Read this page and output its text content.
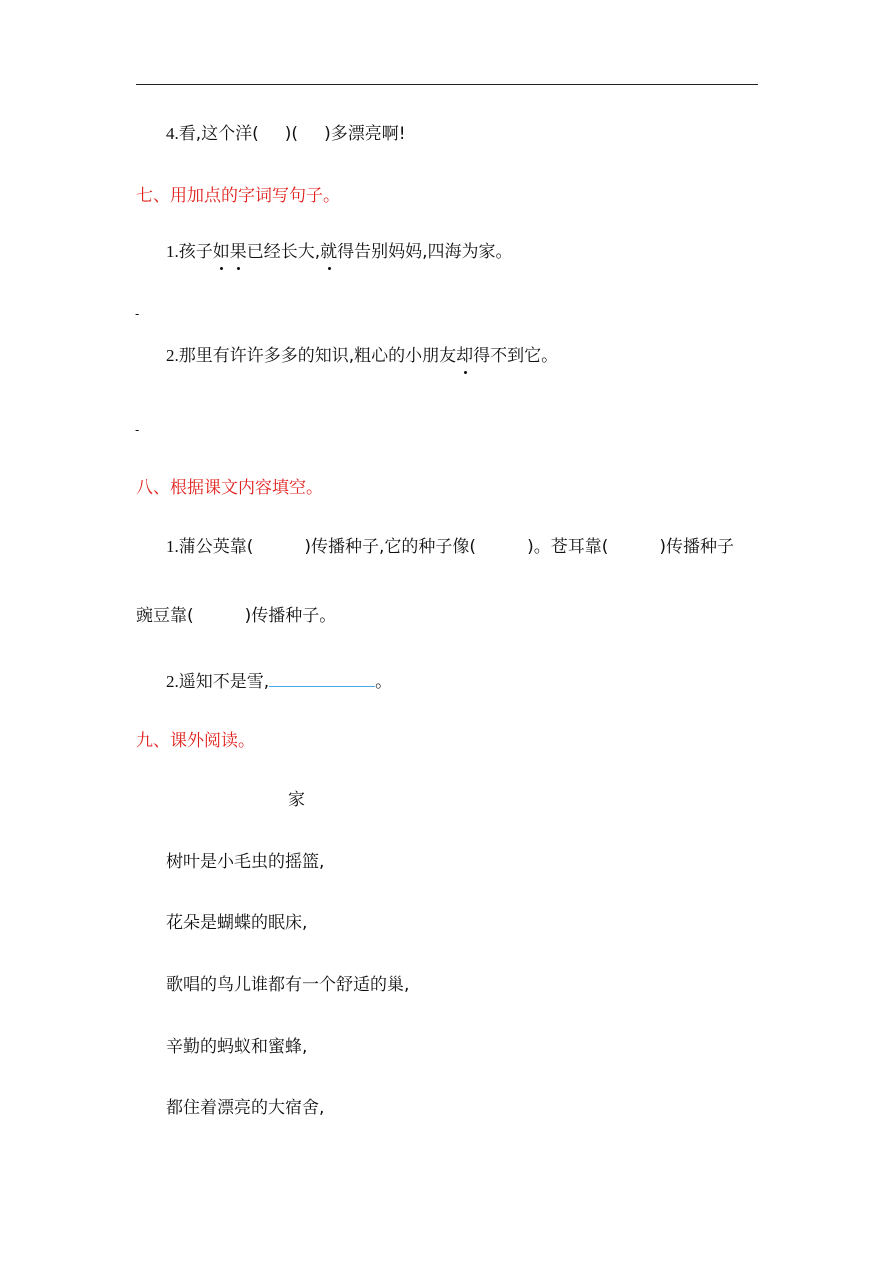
4.看,这个洋( )( )多漂亮啊!
七、用加点的字词写句子。
1.孩子如果已经长大,就得告别妈妈,四海为家。
-
2.那里有许许多多的知识,粗心的小朋友却得不到它。
-
八、根据课文内容填空。
1.蒲公英靠(	)传播种子,它的种子像(	)。苍耳靠(	)传播种子
豌豆靠(	)传播种子。
2.遥知不是雪,	。
九、课外阅读。
家
树叶是小毛虫的摇篮,
花朵是蝴蝶的眠床,
歌唱的鸟儿谁都有一个舒适的巢,
辛勤的蚂蚁和蜜蜂,
都住着漂亮的大宿舍,
